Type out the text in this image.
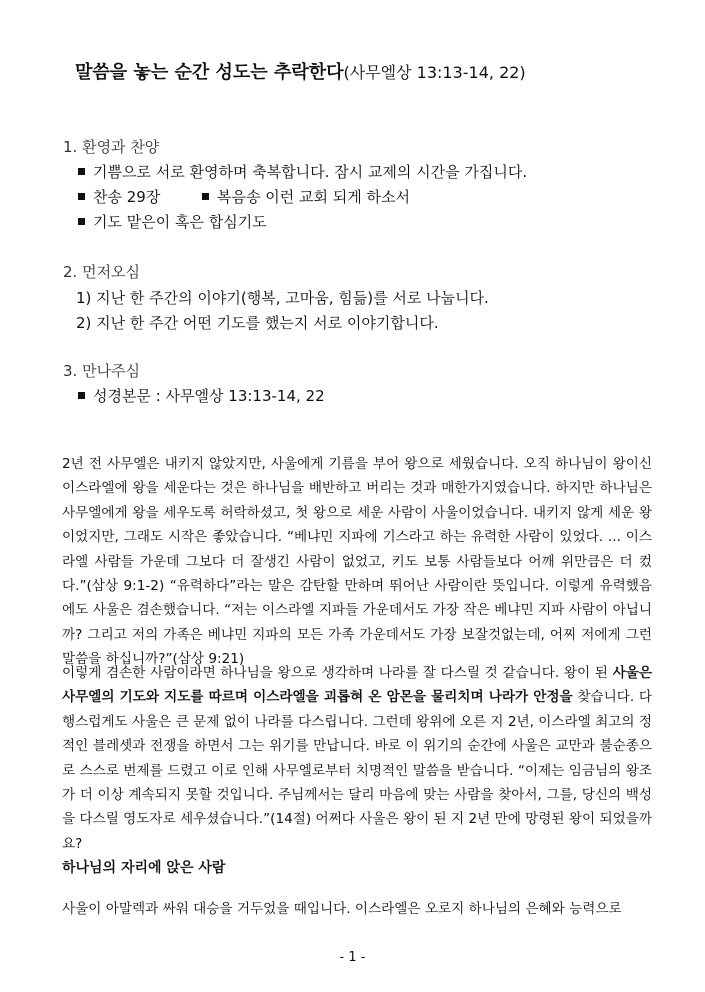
말씀을 놓는 순간 성도는 추락한다(사무엘상 13:13-14, 22)
1. 환영과 찬양
기쁨으로 서로 환영하며 축복합니다. 잠시 교제의 시간을 가집니다.
찬송 29장	복음송 이런 교회 되게 하소서
기도 맡은이 혹은 합심기도
2. 먼저오심
1) 지난 한 주간의 이야기(행복, 고마움, 힘듦)를 서로 나눕니다.
2) 지난 한 주간 어떤 기도를 했는지 서로 이야기합니다.
3. 만나주심
성경본문 : 사무엘상 13:13-14, 22

2년 전 사무엘은 내키지 않았지만, 사울에게 기름을 부어 왕으로 세웠습니다. 오직 하나님이 왕이신 이스라엘에 왕을 세운다는 것은 하나님을 배반하고 버리는 것과 매한가지였습니다. 하지만 하나님은 사무엘에게 왕을 세우도록 허락하셨고, 첫 왕으로 세운 사람이 사울이었습니다. 내키지 않게 세운 왕이었지만, 그래도 시작은 좋았습니다. “베냐민 지파에 기스라고 하는 유력한 사람이 있었다. ... 이스라엘 사람들 가운데 그보다 더 잘생긴 사람이 없었고, 키도 보통 사람들보다 어깨 위만큼은 더 컸다.”(삼상 9:1-2) “유력하다”라는 말은 감탄할 만하며 뛰어난 사람이란 뜻입니다. 이렇게 유력했음에도 사울은 겸손했습니다. “저는 이스라엘 지파들 가운데서도 가장 작은 베냐민 지파 사람이 아닙니까? 그리고 저의 가족은 베냐민 지파의 모든 가족 가운데서도 가장 보잘것없는데, 어찌 저에게 그런 말씀을 하십니까?”(삼상 9:21)

이렇게 겸손한 사람이라면 하나님을 왕으로 생각하며 나라를 잘 다스릴 것 같습니다. 왕이 된 사울은 사무엘의 기도와 지도를 따르며 이스라엘을 괴롭혀 온 암몬을 물리치며 나라가 안정을 찾습니다. 다행스럽게도 사울은 큰 문제 없이 나라를 다스립니다. 그런데 왕위에 오른 지 2년, 이스라엘 최고의 정적인 블레셋과 전쟁을 하면서 그는 위기를 만납니다. 바로 이 위기의 순간에 사울은 교만과 불순종으로 스스로 번제를 드렸고 이로 인해 사무엘로부터 치명적인 말씀을 받습니다. “이제는 임금님의 왕조가 더 이상 계속되지 못할 것입니다. 주님께서는 달리 마음에 맞는 사람을 찾아서, 그를, 당신의 백성을 다스릴 영도자로 세우셨습니다.”(14절) 어쩌다 사울은 왕이 된 지 2년 만에 망령된 왕이 되었을까요?

하나님의 자리에 앉은 사람

사울이 아말렉과 싸워 대승을 거두었을 때입니다. 이스라엘은 오로지 하나님의 은혜와 능력으로

- 1 -
